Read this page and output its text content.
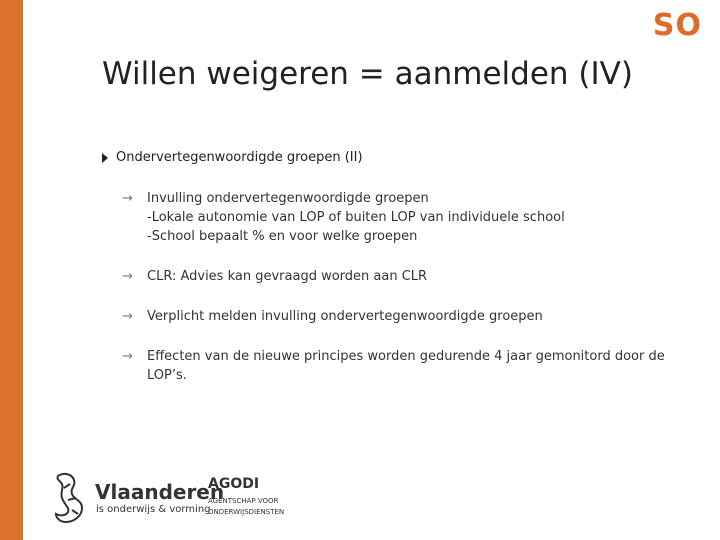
SO
Willen weigeren = aanmelden (IV)
Ondervertegenwoordigde groepen (II)
→ Invulling ondervertegenwoordigde groepen
-Lokale autonomie van LOP of buiten LOP van individuele school
-School bepaalt % en voor welke groepen
→ CLR: Advies kan gevraagd worden aan CLR
→ Verplicht melden invulling ondervertegenwoordigde groepen
→ Effecten van de nieuwe principes worden gedurende 4 jaar gemonitord door de LOP’s.
Vlaanderen
is onderwijs & vorming
AGODI
AGENTSCHAP VOOR ONDERWIJSDIENSTEN
